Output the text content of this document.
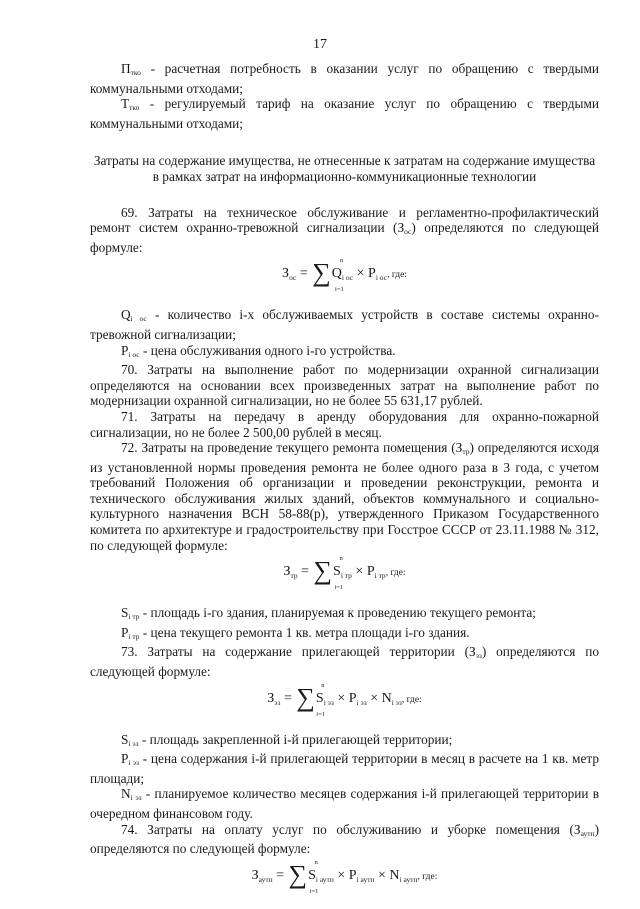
17

$П_{тко}$ - расчетная потребность в оказании услуг по обращению с твердыми коммунальными отходами;

$Т_{тко}$ - регулируемый тариф на оказание услуг по обращению с твердыми коммунальными отходами;

Затраты на содержание имущества, не отнесенные к затратам на содержание имущества в рамках затрат на информационно-коммуникационные технологии

69. Затраты на техническое обслуживание и регламентно-профилактический ремонт систем охранно-тревожной сигнализации $(З_{ос})$ определяются по следующей формуле:

$З_{ос}$ = ∑ n
i=1
$Q_{i ос} \times P_{i ос}$, где:

$Q_{i ос}$ - количество i-х обслуживаемых устройств в составе системы охранно-тревожной сигнализации;

$P_{i ос}$ - цена обслуживания одного i-го устройства.

70. Затраты на выполнение работ по модернизации охранной сигнализации определяются на основании всех произведенных затрат на выполнение работ по модернизации охранной сигнализации, но не более 55 631,17 рублей.

71. Затраты на передачу в аренду оборудования для охранно-пожарной сигнализации, но не более 2 500,00 рублей в месяц.

72. Затраты на проведение текущего ремонта помещения $(З_{тр})$ определяются исходя из установленной нормы проведения ремонта не более одного раза в 3 года, с учетом требований Положения об организации и проведении реконструкции, ремонта и технического обслуживания жилых зданий, объектов коммунального и социально-культурного назначения ВСН 58-88(р), утвержденного Приказом Государственного комитета по архитектуре и градостроительству при Госстрое СССР от 23.11.1988 № 312, по следующей формуле:

$З_{тр}$ = ∑ n
i=1
$S_{i тр} \times P_{i тр}$, где:

$S_{i тр}$ - площадь i-го здания, планируемая к проведению текущего ремонта;

$P_{i тр}$ - цена текущего ремонта 1 кв. метра площади i-го здания.

73. Затраты на содержание прилегающей территории $(З_{эз})$ определяются по следующей формуле:

$З_{эз}$ = ∑ n
i=1
$S_{i эз} \times P_{i эз} \times N_{i эз}$, где:

$S_{i эз}$ - площадь закрепленной i-й прилегающей территории;

$P_{i эз}$ - цена содержания i-й прилегающей территории в месяц в расчете на 1 кв. метр площади;

$N_{i эз}$ - планируемое количество месяцев содержания i-й прилегающей территории в очередном финансовом году.

74. Затраты на оплату услуг по обслуживанию и уборке помещения $(З_{аутп})$ определяются по следующей формуле:

$З_{аутп}$ = ∑ n
i=1
$S_{i аутп} \times P_{i аутп} \times N_{i аутп}$, где:
